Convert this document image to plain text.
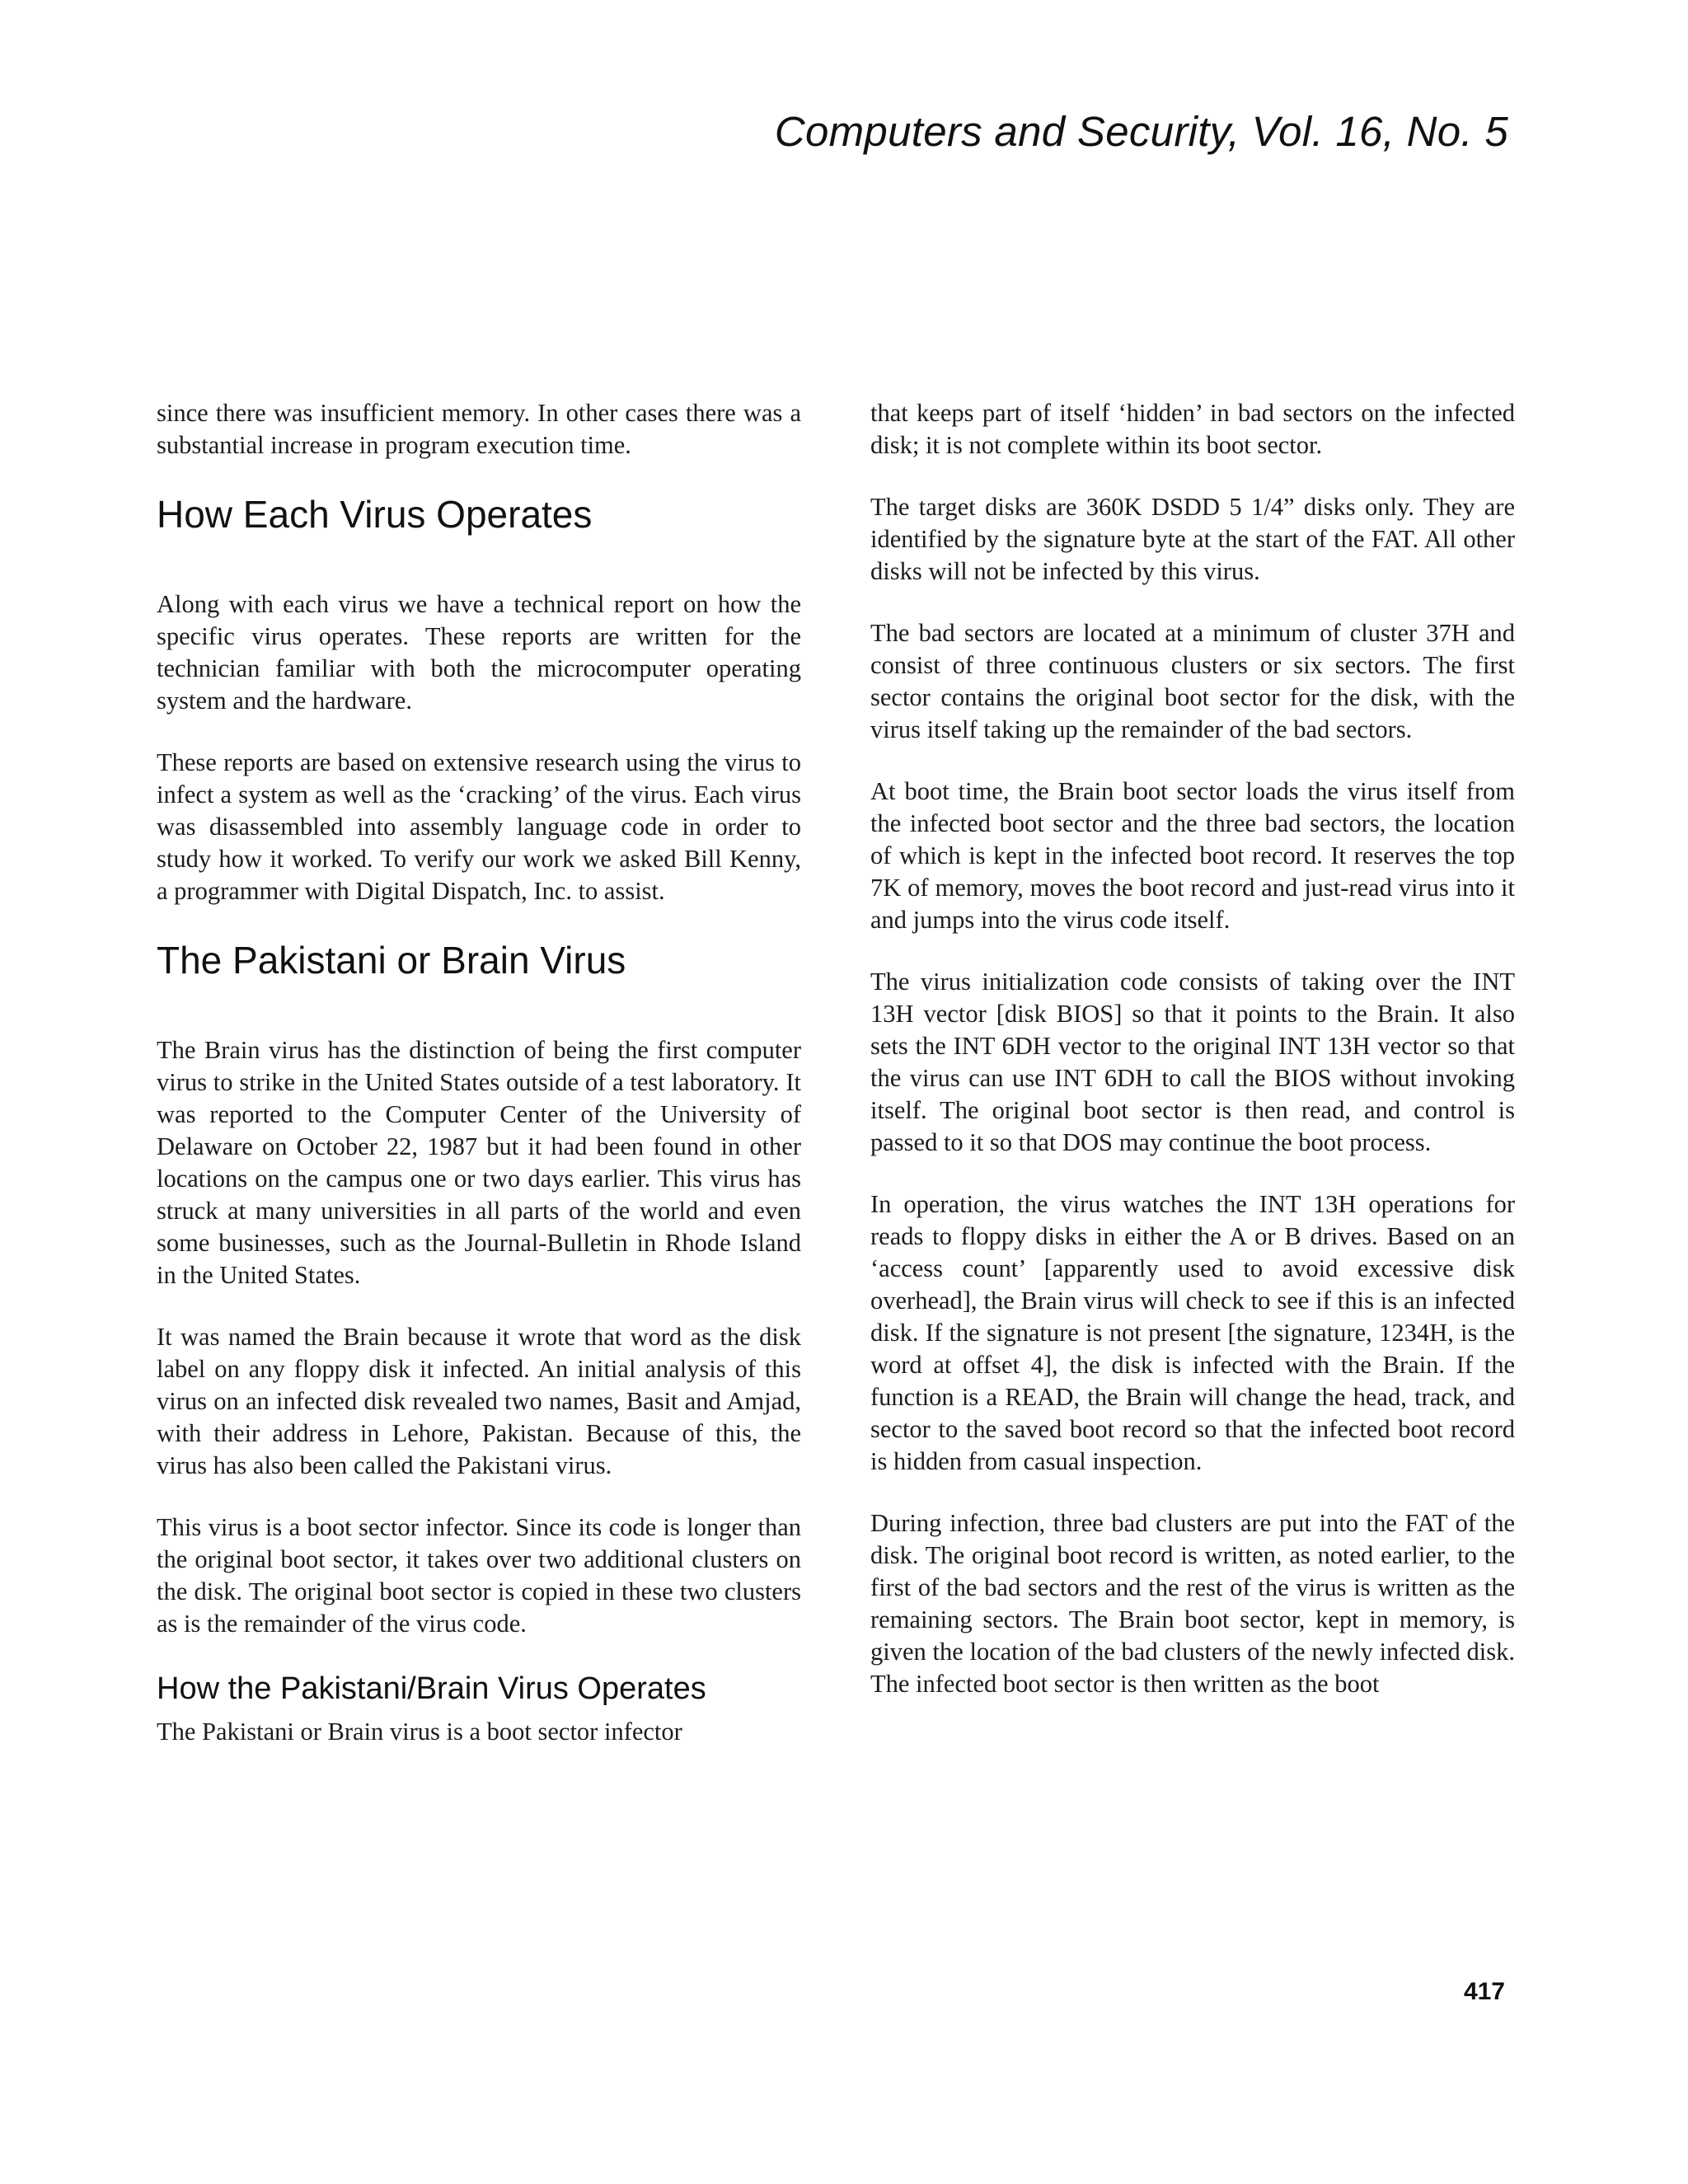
Computers and Security, Vol. 16, No. 5

since there was insufficient memory. In other cases there was a substantial increase in program execution time.

How Each Virus Operates

Along with each virus we have a technical report on how the specific virus operates. These reports are written for the technician familiar with both the microcomputer operating system and the hardware.

These reports are based on extensive research using the virus to infect a system as well as the ‘cracking’ of the virus. Each virus was disassembled into assembly language code in order to study how it worked. To verify our work we asked Bill Kenny, a programmer with Digital Dispatch, Inc. to assist.

The Pakistani or Brain Virus

The Brain virus has the distinction of being the first computer virus to strike in the United States outside of a test laboratory. It was reported to the Computer Center of the University of Delaware on October 22, 1987 but it had been found in other locations on the campus one or two days earlier. This virus has struck at many universities in all parts of the world and even some businesses, such as the Journal-Bulletin in Rhode Island in the United States.

It was named the Brain because it wrote that word as the disk label on any floppy disk it infected. An initial analysis of this virus on an infected disk revealed two names, Basit and Amjad, with their address in Lehore, Pakistan. Because of this, the virus has also been called the Pakistani virus.

This virus is a boot sector infector. Since its code is longer than the original boot sector, it takes over two additional clusters on the disk. The original boot sector is copied in these two clusters as is the remainder of the virus code.

How the Pakistani/Brain Virus Operates

The Pakistani or Brain virus is a boot sector infector

that keeps part of itself ‘hidden’ in bad sectors on the infected disk; it is not complete within its boot sector.

The target disks are 360K DSDD 5 1/4” disks only. They are identified by the signature byte at the start of the FAT. All other disks will not be infected by this virus.

The bad sectors are located at a minimum of cluster 37H and consist of three continuous clusters or six sectors. The first sector contains the original boot sector for the disk, with the virus itself taking up the remainder of the bad sectors.

At boot time, the Brain boot sector loads the virus itself from the infected boot sector and the three bad sectors, the location of which is kept in the infected boot record. It reserves the top 7K of memory, moves the boot record and just-read virus into it and jumps into the virus code itself.

The virus initialization code consists of taking over the INT 13H vector [disk BIOS] so that it points to the Brain. It also sets the INT 6DH vector to the original INT 13H vector so that the virus can use INT 6DH to call the BIOS without invoking itself. The original boot sector is then read, and control is passed to it so that DOS may continue the boot process.

In operation, the virus watches the INT 13H operations for reads to floppy disks in either the A or B drives. Based on an ‘access count’ [apparently used to avoid excessive disk overhead], the Brain virus will check to see if this is an infected disk. If the signature is not present [the signature, 1234H, is the word at offset 4], the disk is infected with the Brain. If the function is a READ, the Brain will change the head, track, and sector to the saved boot record so that the infected boot record is hidden from casual inspection.

During infection, three bad clusters are put into the FAT of the disk. The original boot record is written, as noted earlier, to the first of the bad sectors and the rest of the virus is written as the remaining sectors. The Brain boot sector, kept in memory, is given the location of the bad clusters of the newly infected disk. The infected boot sector is then written as the boot

417
